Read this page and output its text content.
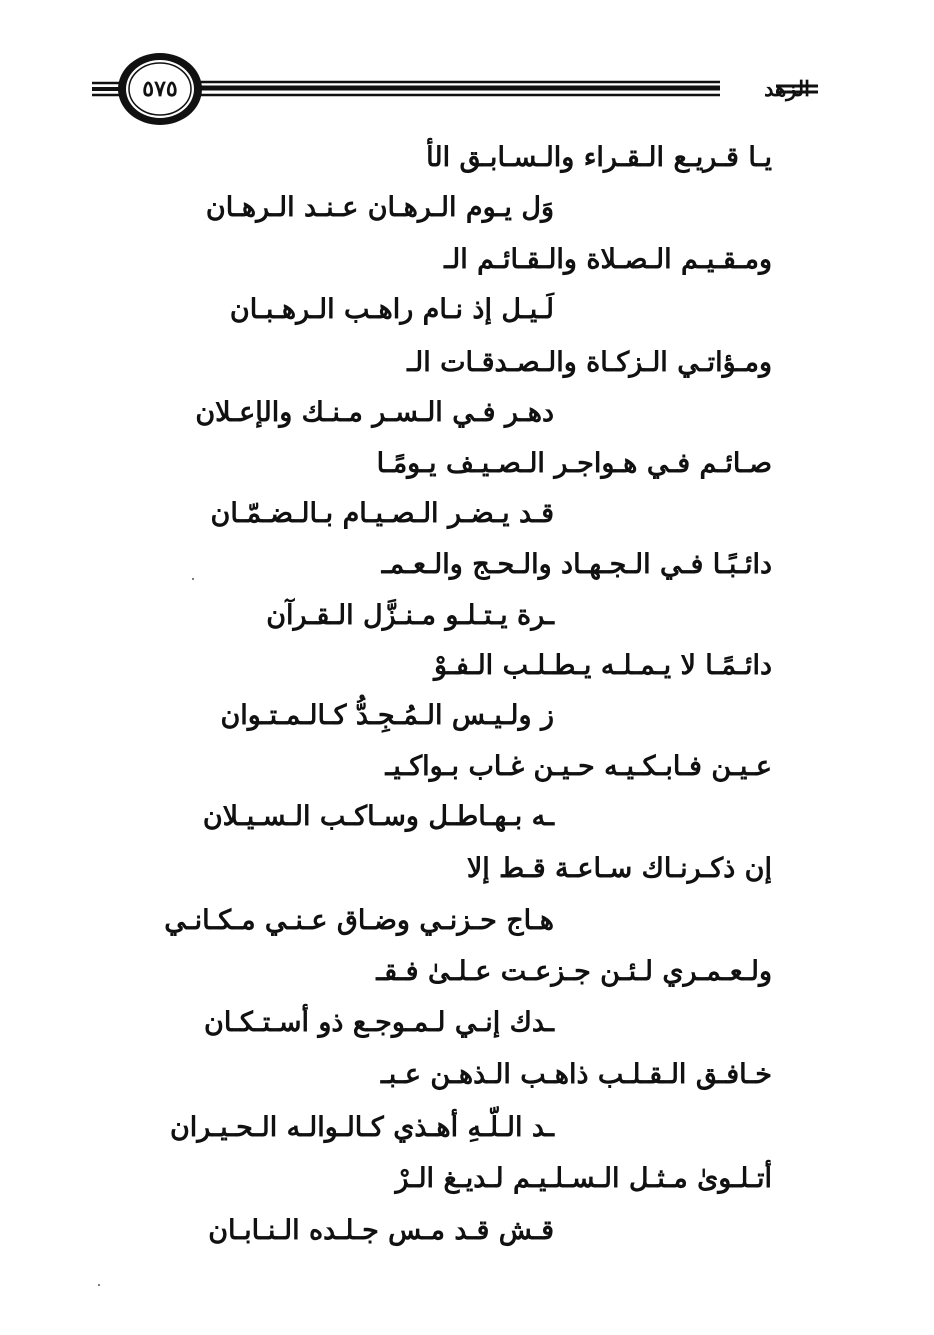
الزهد
٥٧٥
يـا قـريـع الـقـراء والـسـابـق الأ
وَل يـوم الـرهـان عـنـد الـرهـان
ومـقـيـم الـصـلاة والـقـائـم الـ
لَـيـل إذ نـام راهـب الـرهـبـان
ومـؤاتـي الـزكـاة والـصـدقـات الـ
دهـر فـي الـسـر مـنـك والإعـلان
صـائـم فـي هـواجـر الـصـيـف يـومًـا
قـد يـضـر الـصـيـام بـالـضـمّـان
دائـبًـا فـي الـجـهـاد والـحـج والـعـمـ
ـرة يـتـلـو مـنـزَّل الـقـرآن
دائـمًـا لا يـمـلـه يـطـلـب الـفـوْ
ز ولـيـس الـمُـجِـدُّ كـالـمـتـوان
عـيـن فـابـكـيـه حـيـن غـاب بـواكـيـ
ـه بـهـاطـل وسـاكـب الـسـيـلان
إن ذكـرنـاك سـاعـة قـط إلا
هـاج حـزنـي وضـاق عـنـي مـكـانـي
ولـعـمـري لـئـن جـزعـت عـلـىٰ فـقـ
ـدك إنـي لـمـوجـع ذو أسـتـكـان
خـافـق الـقـلـب ذاهـب الـذهـن عـبـ
ـد الـلّـهِ أهـذي كـالـوالـه الـحـيـران
أتـلـوىٰ مـثـل الـسـلـيـم لـديـغ الـرْ
قـش قـد مـس جـلـده الـنـابـان
